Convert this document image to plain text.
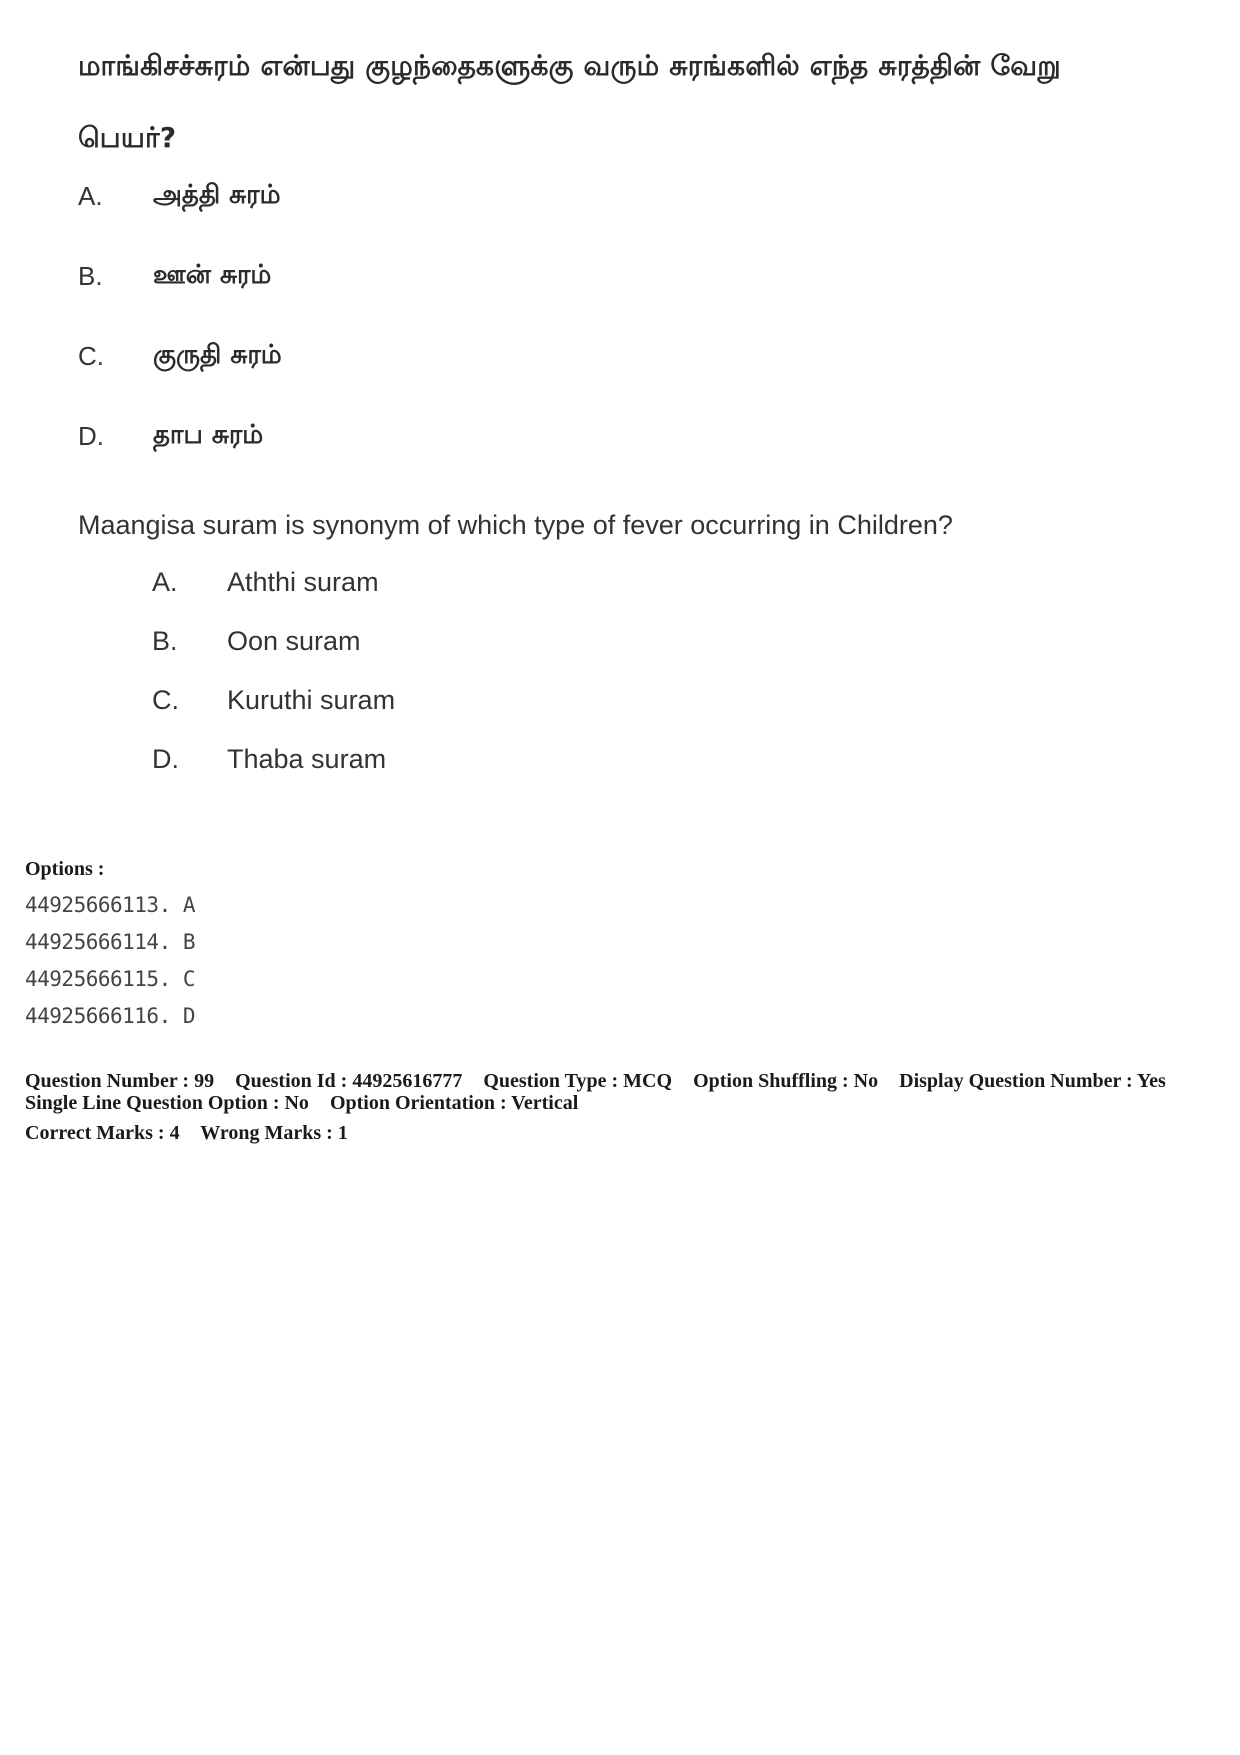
மாங்கிசச்சுரம் என்பது குழந்தைகளுக்கு வரும் சுரங்களில் எந்த சுரத்தின் வேறு பெயர்?
A.	அத்தி சுரம்
B.	ஊன் சுரம்
C.	குருதி சுரம்
D.	தாப சுரம்
Maangisa suram is synonym of which type of fever occurring in Children?
A.	Aththi suram
B.	Oon suram
C.	Kuruthi suram
D.	Thaba suram
Options :
44925666113. A
44925666114. B
44925666115. C
44925666116. D
Question Number : 99 Question Id : 44925616777 Question Type : MCQ Option Shuffling : No Display Question Number : Yes
Single Line Question Option : No Option Orientation : Vertical
Correct Marks : 4 Wrong Marks : 1
